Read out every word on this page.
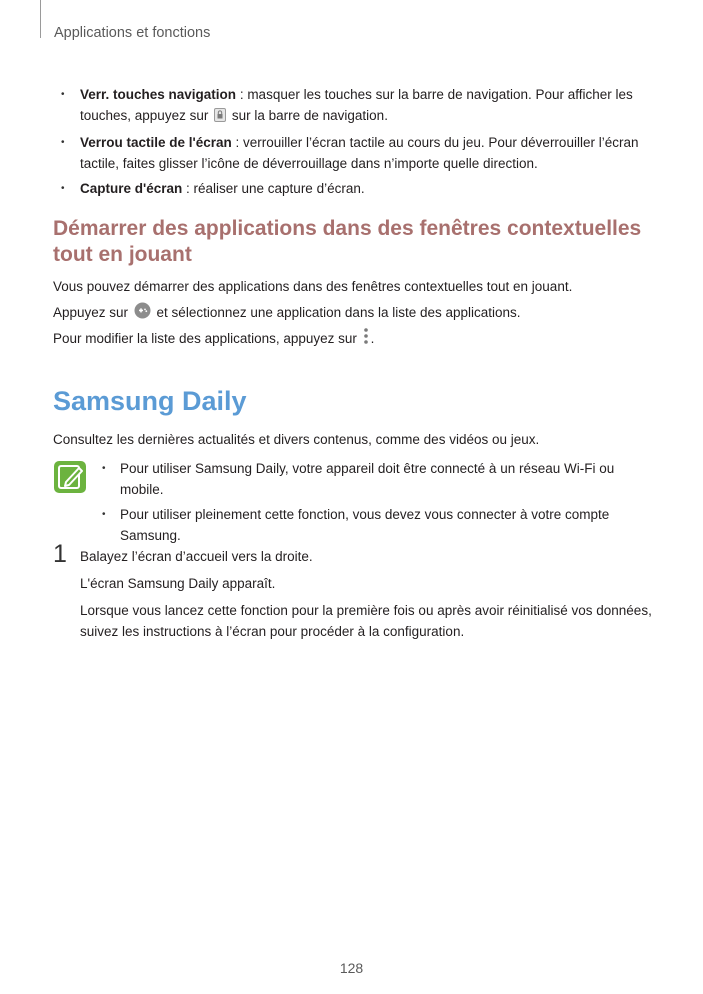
Applications et fonctions
• Verr. touches navigation : masquer les touches sur la barre de navigation. Pour afficher les touches, appuyez sur  sur la barre de navigation.
• Verrou tactile de l'écran : verrouiller l’écran tactile au cours du jeu. Pour déverrouiller l’écran tactile, faites glisser l’icône de déverrouillage dans n’importe quelle direction.
• Capture d'écran : réaliser une capture d’écran.
Démarrer des applications dans des fenêtres contextuelles tout en jouant

Vous pouvez démarrer des applications dans des fenêtres contextuelles tout en jouant.

Appuyez sur  et sélectionnez une application dans la liste des applications.

Pour modifier la liste des applications, appuyez sur .

Samsung Daily

Consultez les dernières actualités et divers contenus, comme des vidéos ou jeux.

• Pour utiliser Samsung Daily, votre appareil doit être connecté à un réseau Wi-Fi ou mobile.
• Pour utiliser pleinement cette fonction, vous devez vous connecter à votre compte Samsung.
1 Balayez l’écran d’accueil vers la droite.

L'écran Samsung Daily apparaît.

Lorsque vous lancez cette fonction pour la première fois ou après avoir réinitialisé vos données, suivez les instructions à l’écran pour procéder à la configuration.

128
